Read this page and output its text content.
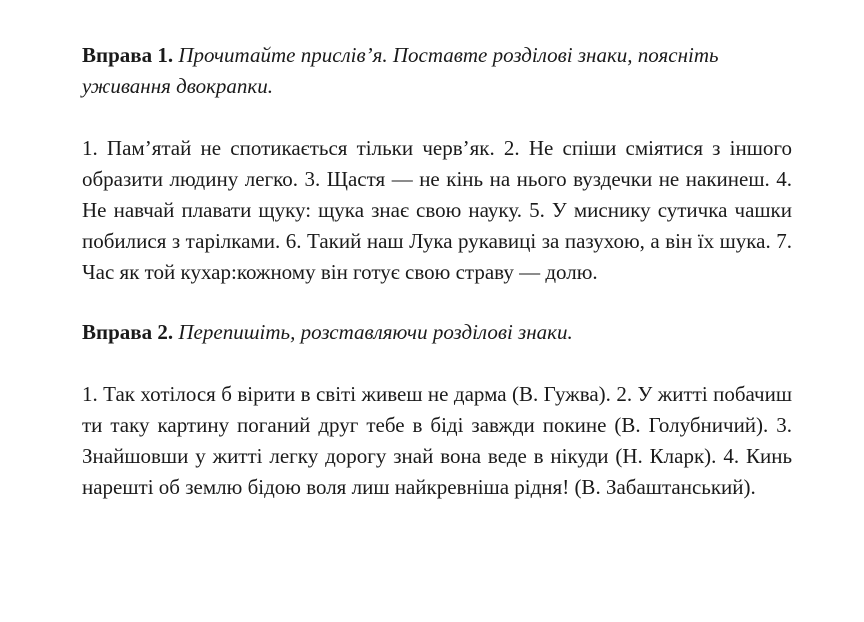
Вправа 1. Прочитайте прислів’я. Поставте розділові знаки, поясніть уживання двокрапки.

1. Пам’ятай не спотикається тільки черв’як. 2. Не спіши сміятися з іншого образити людину легко. 3. Щастя — не кінь на нього вуздечки не накинеш. 4. Не навчай плавати щуку: щука знає свою науку. 5. У миснику сутичка чашки побилися з тарілками. 6. Такий наш Лука рукавиці за пазухою, а він їх шука. 7. Час як той кухар:кожному він готує свою страву — долю.

Вправа 2. Перепишіть, розставляючи розділові знаки.

1. Так хотілося б вірити в світі живеш не дарма (В. Гужва). 2. У житті побачиш ти таку картину поганий друг тебе в біді завжди покине (В. Голубничий). 3. Знайшовши у житті легку дорогу знай вона веде в нікуди (Н. Кларк). 4. Кинь нарешті об землю бідою воля лиш найкревніша рідня! (В. Забаштанський).
